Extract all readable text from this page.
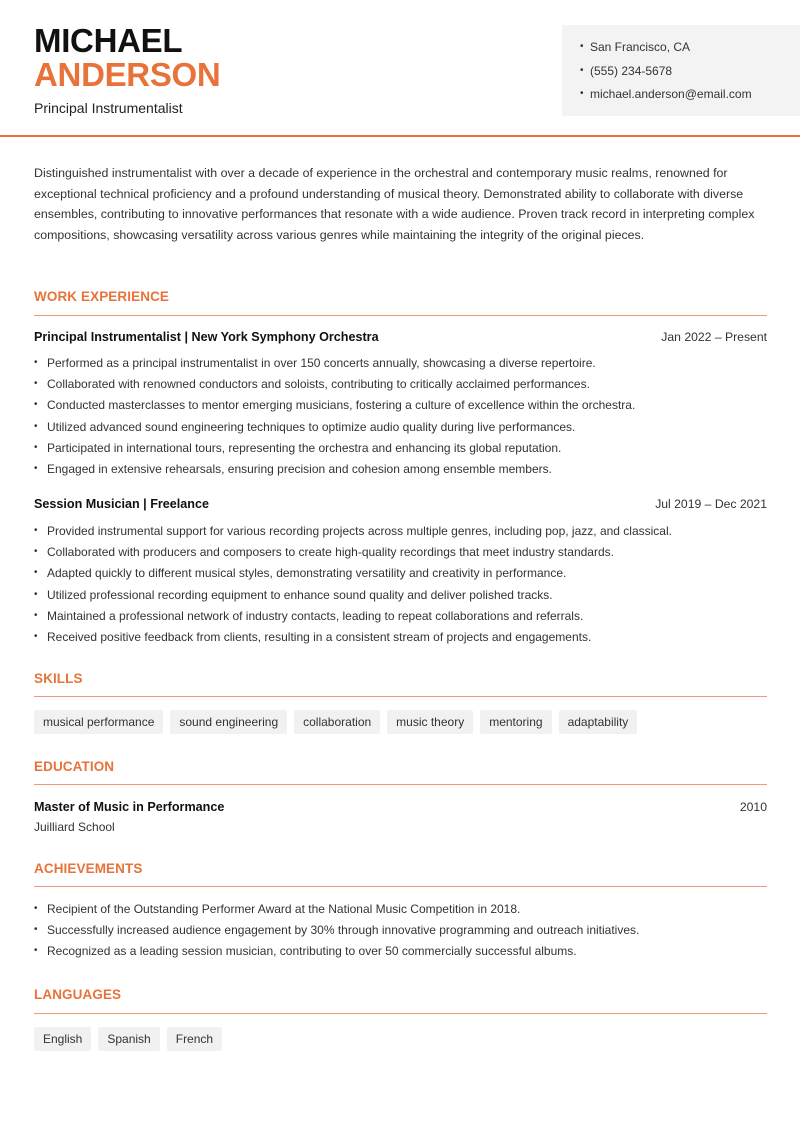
MICHAEL
ANDERSON
Principal Instrumentalist
• San Francisco, CA
• (555) 234-5678
• michael.anderson@email.com

Distinguished instrumentalist with over a decade of experience in the orchestral and contemporary music realms, renowned for exceptional technical proficiency and a profound understanding of musical theory. Demonstrated ability to collaborate with diverse ensembles, contributing to innovative performances that resonate with a wide audience. Proven track record in interpreting complex compositions, showcasing versatility across various genres while maintaining the integrity of the original pieces.

WORK EXPERIENCE
Principal Instrumentalist | New York Symphony Orchestra	Jan 2022 – Present
• Performed as a principal instrumentalist in over 150 concerts annually, showcasing a diverse repertoire.
• Collaborated with renowned conductors and soloists, contributing to critically acclaimed performances.
• Conducted masterclasses to mentor emerging musicians, fostering a culture of excellence within the orchestra.
• Utilized advanced sound engineering techniques to optimize audio quality during live performances.
• Participated in international tours, representing the orchestra and enhancing its global reputation.
• Engaged in extensive rehearsals, ensuring precision and cohesion among ensemble members.
Session Musician | Freelance	Jul 2019 – Dec 2021
• Provided instrumental support for various recording projects across multiple genres, including pop, jazz, and classical.
• Collaborated with producers and composers to create high-quality recordings that meet industry standards.
• Adapted quickly to different musical styles, demonstrating versatility and creativity in performance.
• Utilized professional recording equipment to enhance sound quality and deliver polished tracks.
• Maintained a professional network of industry contacts, leading to repeat collaborations and referrals.
• Received positive feedback from clients, resulting in a consistent stream of projects and engagements.
SKILLS
musical performance	sound engineering	collaboration	music theory	mentoring	adaptability
EDUCATION
Master of Music in Performance	2010
Juilliard School
ACHIEVEMENTS
• Recipient of the Outstanding Performer Award at the National Music Competition in 2018.
• Successfully increased audience engagement by 30% through innovative programming and outreach initiatives.
• Recognized as a leading session musician, contributing to over 50 commercially successful albums.
LANGUAGES
English	Spanish	French
